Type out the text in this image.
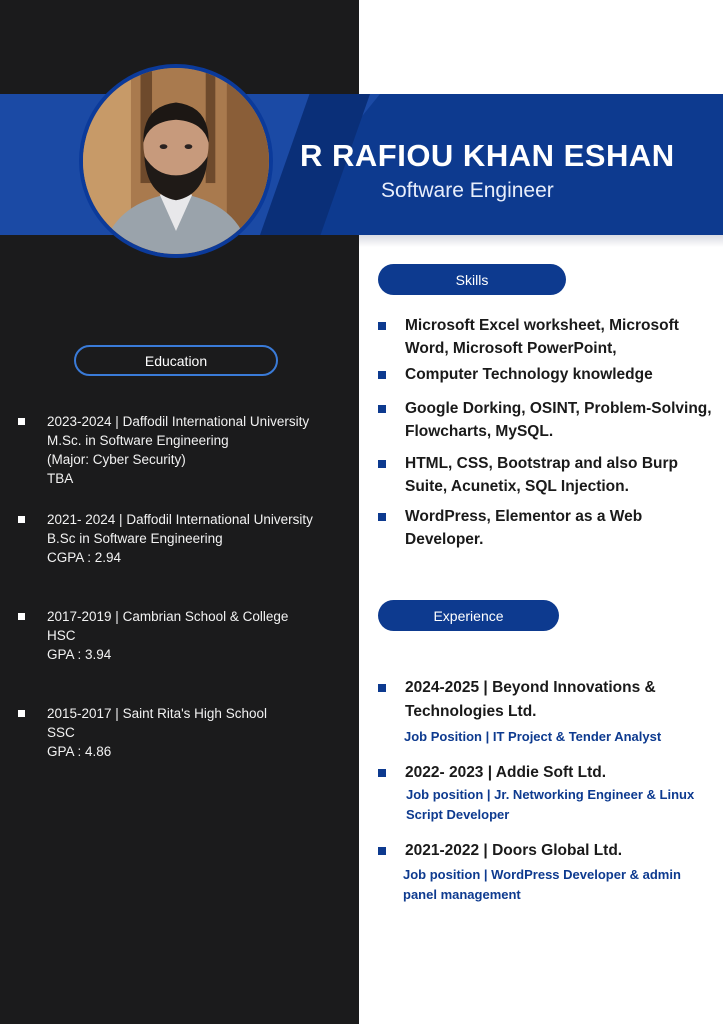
R RAFIOU KHAN ESHAN
Software Engineer
Education
2023-2024 | Daffodil International University
M.Sc. in Software Engineering
(Major: Cyber Security)
TBA
2021- 2024 | Daffodil International University
B.Sc in Software Engineering
CGPA : 2.94
2017-2019 | Cambrian School & College
HSC
GPA : 3.94
2015-2017 | Saint Rita's High School
SSC
GPA : 4.86
Skills
Microsoft Excel worksheet, Microsoft Word, Microsoft PowerPoint,
Computer Technology knowledge
Google Dorking, OSINT, Problem-Solving, Flowcharts, MySQL.
HTML, CSS, Bootstrap and also Burp Suite, Acunetix, SQL Injection.
WordPress, Elementor as a Web Developer.
Experience
2024-2025 | Beyond Innovations & Technologies Ltd.
Job Position | IT Project & Tender Analyst
2022- 2023 | Addie Soft Ltd.
Job position | Jr. Networking Engineer & Linux Script Developer
2021-2022 | Doors Global Ltd.
Job position | WordPress Developer & admin panel management
